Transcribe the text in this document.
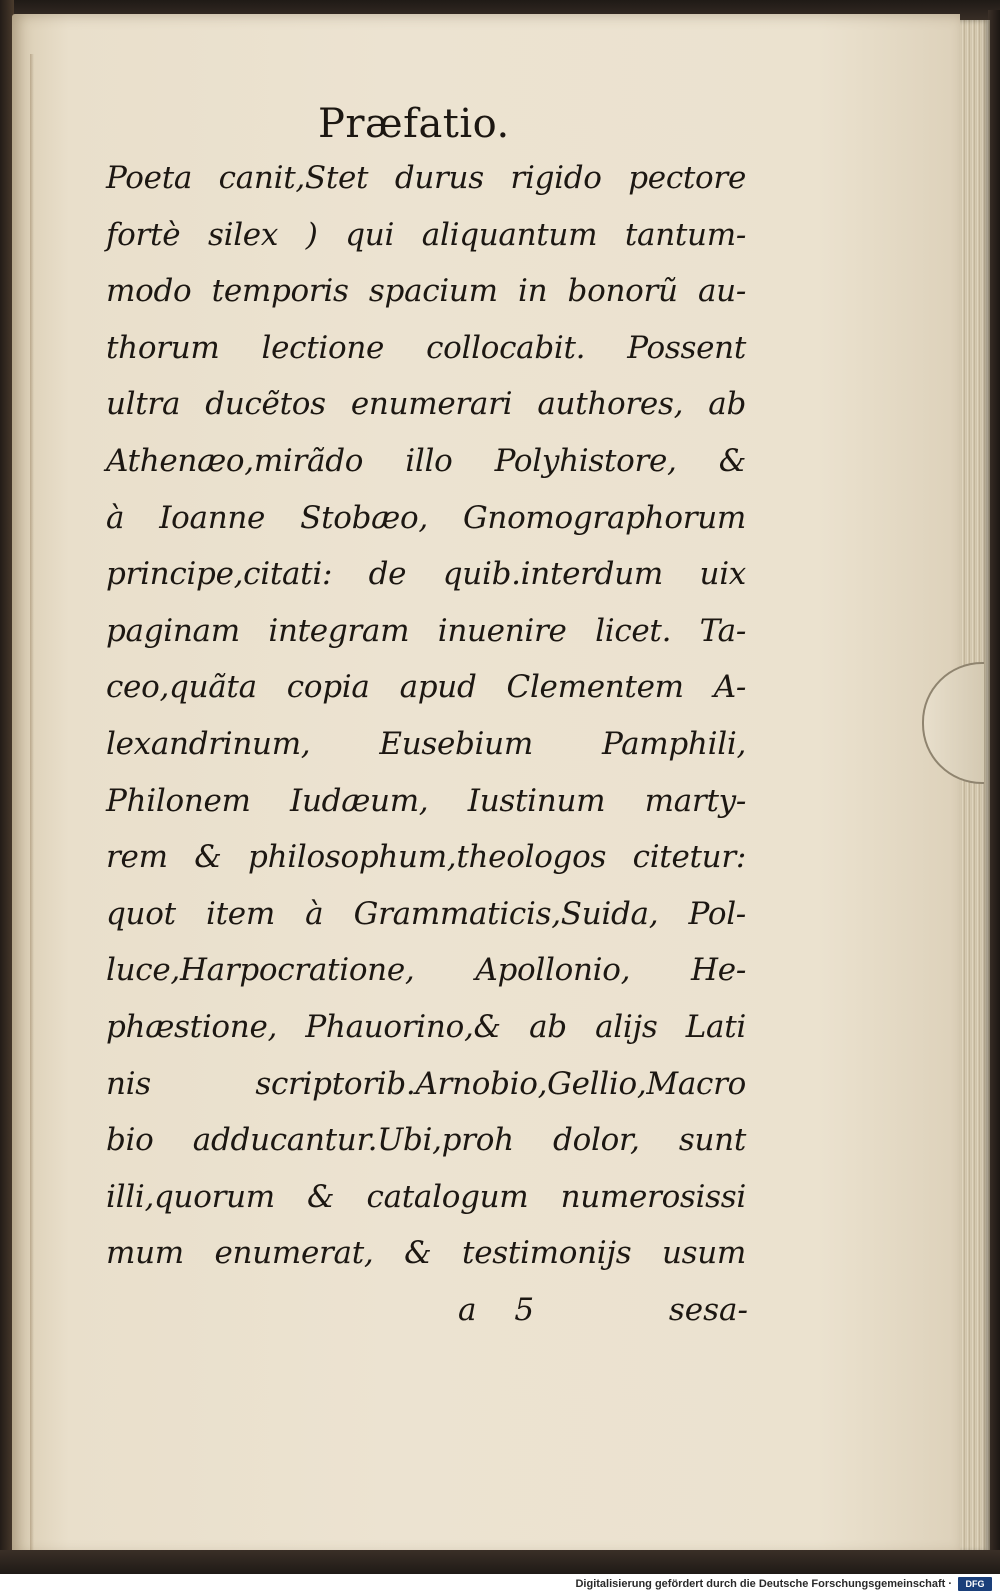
Præfatio.
Poeta canit,Stet durus rigido pectore
fortè silex ) qui aliquantum tantum-
modo temporis spacium in bonorũ au-
thorum lectione collocabit. Possent
ultra ducẽtos enumerari authores, ab
Athenæo,mirãdo illo Polyhistore, &
à Ioanne Stobæo, Gnomographorum
principe,citati: de quib.interdum uix
paginam integram inuenire licet. Ta-
ceo,quãta copia apud Clementem A-
lexandrinum, Eusebium Pamphili,
Philonem Iudæum, Iustinum marty-
rem & philosophum,theologos citetur:
quot item à Grammaticis,Suida, Pol-
luce,Harpocratione, Apollonio, He-
phæstione, Phauorino,& ab alijs Lati
nis scriptorib.Arnobio,Gellio,Macro
bio adducantur.Ubi,proh dolor, sunt
illi,quorum & catalogum numerosissi
mum enumerat, & testimonijs usum
a 5	sesa-
Digitalisierung gefördert durch die Deutsche Forschungsgemeinschaft ·	DFG
